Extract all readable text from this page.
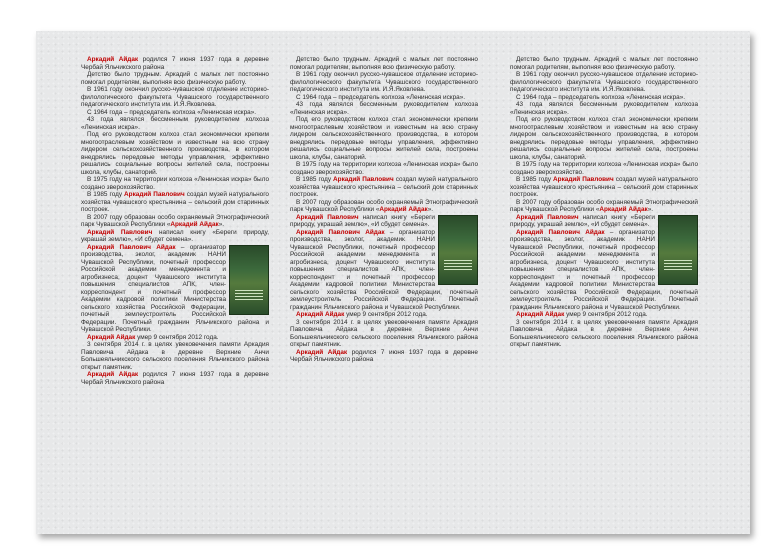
Аркадий Айдак родился 7 июня 1937 года в деревне Чербай Яльчикского района

Детство было трудным. Аркадий с малых лет постоянно помогал родителям, выполняя всю физическую работу.

В 1961 году окончил русско-чувашское отделение историко-филологического факультета Чувашского государственного педагогического института им. И.Я.Яковлева.

С 1964 года – председатель колхоза «Ленинская искра».

43 года являлся бессменным руководителем колхоза «Ленинская искра».

Под его руководством колхоз стал экономически крепким многоотраслевым хозяйством и известным на всю страну лидером сельскохозяйственного производства, в котором внедрялись передовые методы управления, эффективно решались социальные вопросы жителей села, построены школа, клубы, санаторий.

В 1975 году на территории колхоза «Ленинская искра» было создано зверохозяйство.

В 1985 году Аркадий Павлович создал музей натурального хозяйства чувашского крестьянина – сельский дом старинных построек.

В 2007 году образован особо охраняемый Этнографический парк Чувашской Республики «Аркадий Айдак».

Аркадий Павлович написал книгу «Береги природу, украшай землю», «И сбудет семена».

Аркадий Павлович Айдак – организатор производства, эколог, академик НАНИ Чувашской Республики, почетный профессор Российской академии менеджмента и агробизнеса, доцент Чувашского института повышения специалистов АПК, член-корреспондент и почетный профессор Академии кадровой политики Министерства сельского хозяйства Российской Федерации, почетный землеустроитель Российской Федерации. Почетный гражданин Яльчикского района и Чувашской Республики.

Аркадий Айдак умер 9 сентября 2012 года.

3 сентября 2014 г. в целях увековечения памяти Аркадия Павловича Айдака в деревне Верхние Анчи Большеяльчикского сельского поселения Яльчикского района открыт памятник.

Аркадий Айдак родился 7 июня 1937 года в деревне Чербай Яльчикского района

Детство было трудным. Аркадий с малых лет постоянно помогал родителям, выполняя всю физическую работу.

В 1961 году окончил русско-чувашское отделение историко-филологического факультета Чувашского государственного педагогического института им. И.Я.Яковлева.

С 1964 года – председатель колхоза «Ленинская искра».

43 года являлся бессменным руководителем колхоза «Ленинская искра».

Под его руководством колхоз стал экономически крепким многоотраслевым хозяйством и известным на всю страну лидером сельскохозяйственного производства, в котором внедрялись передовые методы управления, эффективно решались социальные вопросы жителей села, построены школа, клубы, санаторий.

В 1975 году на территории колхоза «Ленинская искра» было создано зверохозяйство.

В 1985 году Аркадий Павлович создал музей натурального хозяйства чувашского крестьянина – сельский дом старинных построек.

В 2007 году образован особо охраняемый Этнографический парк Чувашской Республики «Аркадий Айдак».

Аркадий Павлович написал книгу «Береги природу, украшай землю», «И сбудет семена».

Аркадий Павлович Айдак – организатор производства, эколог, академик НАНИ Чувашской Республики, почетный профессор Российской академии менеджмента и агробизнеса, доцент Чувашского института повышения специалистов АПК, член-корреспондент и почетный профессор Академии кадровой политики Министерства сельского хозяйства Российской Федерации, почетный землеустроитель Российской Федерации. Почетный гражданин Яльчикского района и Чувашской Республики.

Аркадий Айдак умер 9 сентября 2012 года.

3 сентября 2014 г. в целях увековечения памяти Аркадия Павловича Айдака в деревне Верхние Анчи Большеяльчикского сельского поселения Яльчикского района открыт памятник.

Аркадий Айдак родился 7 июня 1937 года в деревне Чербай Яльчикского района

Детство было трудным. Аркадий с малых лет постоянно помогал родителям, выполняя всю физическую работу.

В 1961 году окончил русско-чувашское отделение историко-филологического факультета Чувашского государственного педагогического института им. И.Я.Яковлева.

С 1964 года – председатель колхоза «Ленинская искра».

43 года являлся бессменным руководителем колхоза «Ленинская искра».

Под его руководством колхоз стал экономически крепким многоотраслевым хозяйством и известным на всю страну лидером сельскохозяйственного производства, в котором внедрялись передовые методы управления, эффективно решались социальные вопросы жителей села, построены школа, клубы, санаторий.

В 1975 году на территории колхоза «Ленинская искра» было создано зверохозяйство.

В 1985 году Аркадий Павлович создал музей натурального хозяйства чувашского крестьянина – сельский дом старинных построек.

В 2007 году образован особо охраняемый Этнографический парк Чувашской Республики «Аркадий Айдак».

Аркадий Павлович написал книгу «Береги природу, украшай землю», «И сбудет семена».

Аркадий Павлович Айдак – организатор производства, эколог, академик НАНИ Чувашской Республики, почетный профессор Российской академии менеджмента и агробизнеса, доцент Чувашского института повышения специалистов АПК, член-корреспондент и почетный профессор Академии кадровой политики Министерства сельского хозяйства Российской Федерации, почетный землеустроитель Российской Федерации. Почетный гражданин Яльчикского района и Чувашской Республики.

Аркадий Айдак умер 9 сентября 2012 года.

3 сентября 2014 г. в целях увековечения памяти Аркадия Павловича Айдака в деревне Верхние Анчи Большеяльчикского сельского поселения Яльчикского района открыт памятник.
